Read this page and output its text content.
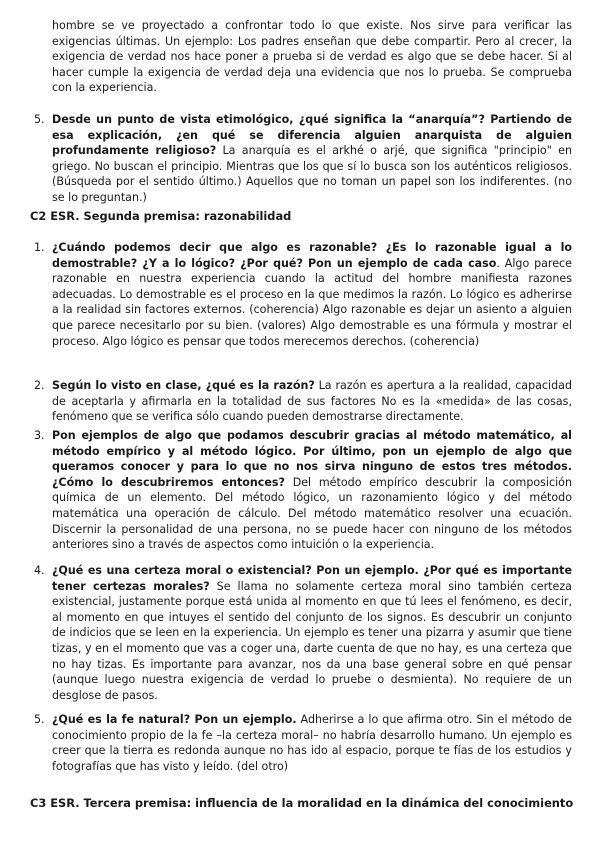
hombre se ve proyectado a confrontar todo lo que existe. Nos sirve para verificar las exigencias últimas. Un ejemplo: Los padres enseñan que debe compartir. Pero al crecer, la exigencia de verdad nos hace poner a prueba si de verdad es algo que se debe hacer. Si al hacer cumple la exigencia de verdad deja una evidencia que nos lo prueba. Se comprueba con la experiencia.

5. Desde un punto de vista etimológico, ¿qué significa la “anarquía”? Partiendo de esa explicación, ¿en qué se diferencia alguien anarquista de alguien profundamente religioso? La anarquía es el arkhé o arjé, que significa "principio" en griego. No buscan el principio. Mientras que los que sí lo busca son los auténticos religiosos.(Búsqueda por el sentido último.) Aquellos que no toman un papel son los indiferentes. (no se lo preguntan.)

C2 ESR. Segunda premisa: razonabilidad

1. ¿Cuándo podemos decir que algo es razonable? ¿Es lo razonable igual a lo demostrable? ¿Y a lo lógico? ¿Por qué? Pon un ejemplo de cada caso. Algo parece razonable en nuestra experiencia cuando la actitud del hombre manifiesta razones adecuadas. Lo demostrable es el proceso en la que medimos la razón. Lo lógico es adherirse a la realidad sin factores externos. (coherencia) Algo razonable es dejar un asiento a alguien que parece necesitarlo por su bien. (valores) Algo demostrable es una fórmula y mostrar el proceso. Algo lógico es pensar que todos merecemos derechos. (coherencia)

2. Según lo visto en clase, ¿qué es la razón? La razón es apertura a la realidad, capacidad de aceptarla y afirmarla en la totalidad de sus factores No es la «medida» de las cosas, fenómeno que se verifica sólo cuando pueden demostrarse directamente.

3. Pon ejemplos de algo que podamos descubrir gracias al método matemático, al método empírico y al método lógico. Por último, pon un ejemplo de algo que queramos conocer y para lo que no nos sirva ninguno de estos tres métodos. ¿Cómo lo descubriremos entonces? Del método empírico descubrir la composición química de un elemento. Del método lógico, un razonamiento lógico y del método matemática una operación de cálculo. Del método matemático resolver una ecuación. Discernir la personalidad de una persona, no se puede hacer con ninguno de los métodos anteriores sino a través de aspectos como intuición o la experiencia.

4. ¿Qué es una certeza moral o existencial? Pon un ejemplo. ¿Por qué es importante tener certezas morales? Se llama no solamente certeza moral sino también certeza existencial, justamente porque está unida al momento en que tú lees el fenómeno, es decir, al momento en que intuyes el sentido del conjunto de los signos. Es descubrir un conjunto de indicios que se leen en la experiencia. Un ejemplo es tener una pizarra y asumir que tiene tizas, y en el momento que vas a coger una, darte cuenta de que no hay, es una certeza que no hay tizas. Es importante para avanzar, nos da una base general sobre en qué pensar (aunque luego nuestra exigencia de verdad lo pruebe o desmienta). No requiere de un desglose de pasos.

5. ¿Qué es la fe natural? Pon un ejemplo. Adherirse a lo que afirma otro. Sin el método de conocimiento propio de la fe –la certeza moral– no habría desarrollo humano. Un ejemplo es creer que la tierra es redonda aunque no has ido al espacio, porque te fías de los estudios y fotografías que has visto y leído. (del otro)

C3 ESR. Tercera premisa: influencia de la moralidad en la dinámica del conocimiento
